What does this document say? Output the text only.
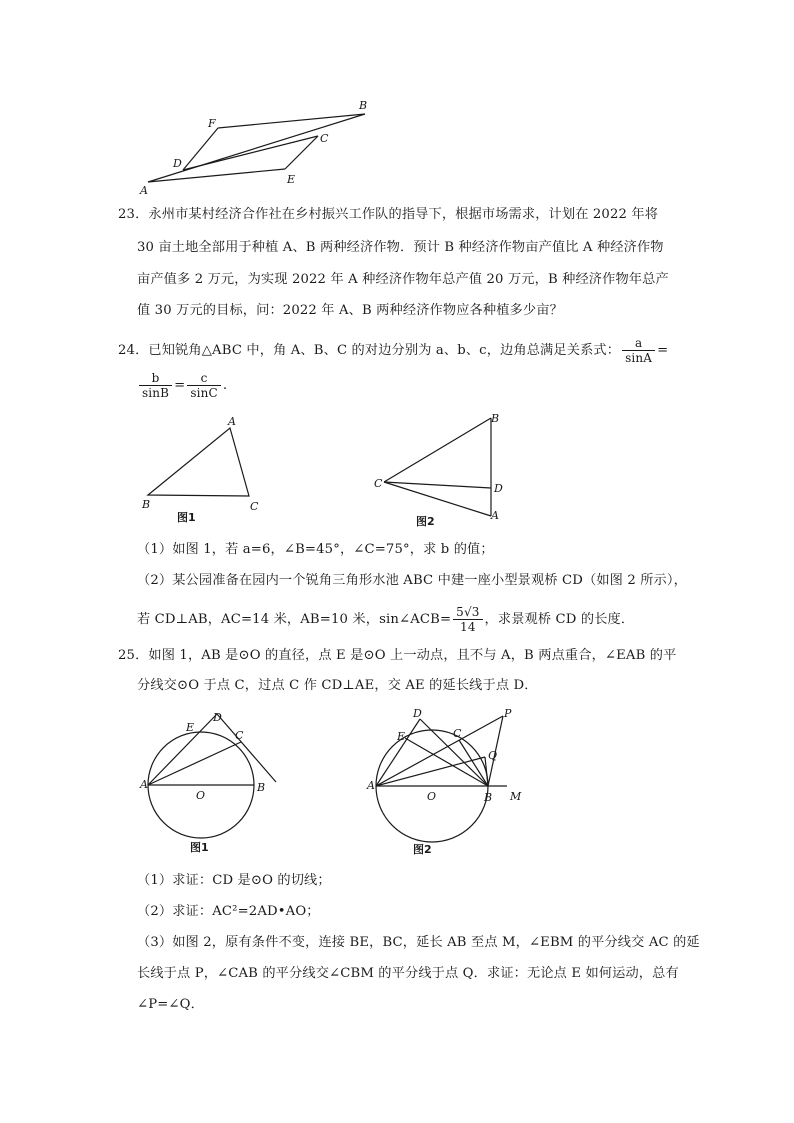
A
B
C
D
E
F
23．永州市某村经济合作社在乡村振兴工作队的指导下，根据市场需求，计划在 2022 年将
30 亩土地全部用于种植 A、B 两种经济作物．预计 B 种经济作物亩产值比 A 种经济作物
亩产值多 2 万元，为实现 2022 年 A 种经济作物年总产值 20 万元，B 种经济作物年总产
值 30 万元的目标，问：2022 年 A、B 两种经济作物应各种植多少亩？
24．已知锐角△ABC 中，角 A、B、C 的对边分别为 a、b、c，边角总满足关系式： $\frac{a}{\sin A}$ =
$\frac{b}{\sin B} = \frac{c}{\sin C}$ .
A
B	C
图1
B
C	D
A
图2
（1）如图 1，若 a=6，∠B=45°，∠C=75°，求 b 的值；
（2）某公园准备在园内一个锐角三角形水池 ABC 中建一座小型景观桥 CD（如图 2 所示），
若 CD⊥AB，AC=14 米，AB=10 米，sin∠ACB= $\frac{5√3}{14}$ ，求景观桥 CD 的长度．
25．如图 1，AB 是⊙O 的直径，点 E 是⊙O 上一动点，且不与 A，B 两点重合，∠EAB 的平
分线交⊙O 于点 C，过点 C 作 CD⊥AE，交 AE 的延长线于点 D．
A	B
C
D
E
O
图1
A
B
C
D
E
O
P
Q
M
图2
（1）求证：CD 是⊙O 的切线；
（2）求证：AC²=2AD•AO；
（3）如图 2，原有条件不变，连接 BE，BC，延长 AB 至点 M，∠EBM 的平分线交 AC 的延
长线于点 P，∠CAB 的平分线交∠CBM 的平分线于点 Q．求证：无论点 E 如何运动，总有
∠P=∠Q．
